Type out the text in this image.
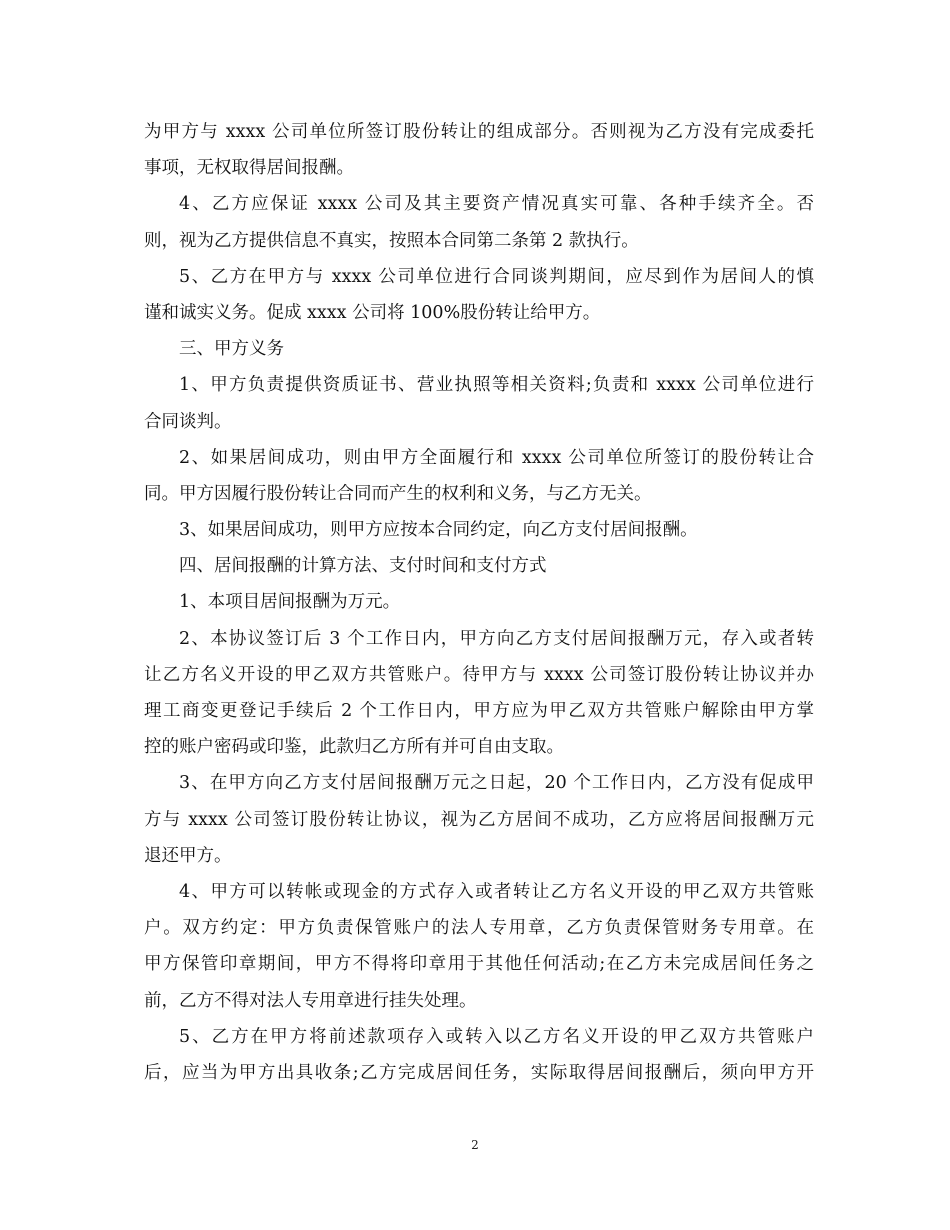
为甲方与 xxxx 公司单位所签订股份转让的组成部分。否则视为乙方没有完成委托
事项，无权取得居间报酬。
4、乙方应保证 xxxx 公司及其主要资产情况真实可靠、各种手续齐全。否
则，视为乙方提供信息不真实，按照本合同第二条第 2 款执行。
5、乙方在甲方与 xxxx 公司单位进行合同谈判期间，应尽到作为居间人的慎
谨和诚实义务。促成 xxxx 公司将 100%股份转让给甲方。
三、甲方义务
1、甲方负责提供资质证书、营业执照等相关资料;负责和 xxxx 公司单位进行
合同谈判。
2、如果居间成功，则由甲方全面履行和 xxxx 公司单位所签订的股份转让合
同。甲方因履行股份转让合同而产生的权利和义务，与乙方无关。
3、如果居间成功，则甲方应按本合同约定，向乙方支付居间报酬。
四、居间报酬的计算方法、支付时间和支付方式
1、本项目居间报酬为万元。
2、本协议签订后 3 个工作日内，甲方向乙方支付居间报酬万元，存入或者转
让乙方名义开设的甲乙双方共管账户。待甲方与 xxxx 公司签订股份转让协议并办
理工商变更登记手续后 2 个工作日内，甲方应为甲乙双方共管账户解除由甲方掌
控的账户密码或印鉴，此款归乙方所有并可自由支取。
3、在甲方向乙方支付居间报酬万元之日起，20 个工作日内，乙方没有促成甲
方与 xxxx 公司签订股份转让协议，视为乙方居间不成功，乙方应将居间报酬万元
退还甲方。
4、甲方可以转帐或现金的方式存入或者转让乙方名义开设的甲乙双方共管账
户。双方约定：甲方负责保管账户的法人专用章，乙方负责保管财务专用章。在
甲方保管印章期间，甲方不得将印章用于其他任何活动;在乙方未完成居间任务之
前，乙方不得对法人专用章进行挂失处理。
5、乙方在甲方将前述款项存入或转入以乙方名义开设的甲乙双方共管账户
后，应当为甲方出具收条;乙方完成居间任务，实际取得居间报酬后，须向甲方开
2
